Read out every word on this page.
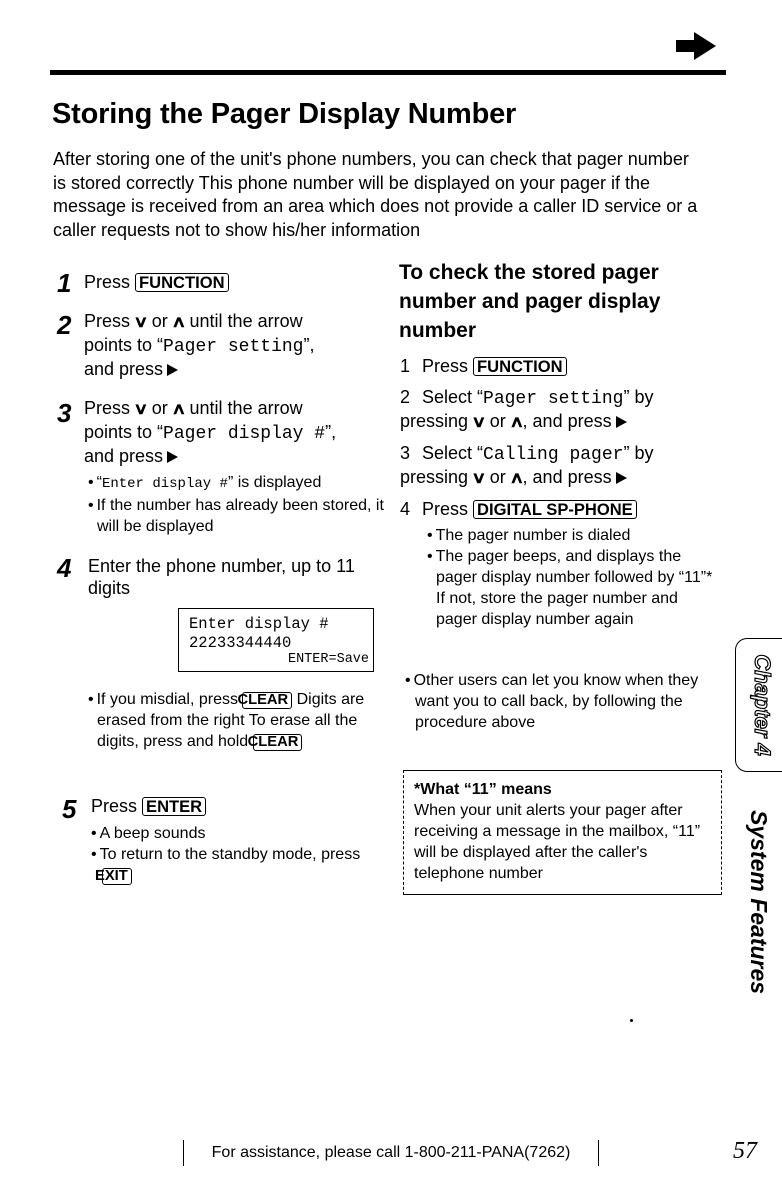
Storing the Pager Display Number
After storing one of the unit's phone numbers, you can check that pager number is stored correctly This phone number will be displayed on your pager if the message is received from an area which does not provide a caller ID service or a caller requests not to show his/her information
1 Press FUNCTION
2 Press ∨ or ∧ until the arrow
points to “Pager setting”,
and press
3 Press ∨ or ∧ until the arrow
points to “Pager display #”,
and press
• “Enter display #” is displayed
• If the number has already been stored, it will be displayed
4 Enter the phone number, up to 11 digits
Enter display #
22233344440
ENTER=Save
• If you misdial, press CLEAR Digits are erased from the right To erase all the digits, press and hold CLEAR
5 Press ENTER
• A beep sounds
• To return to the standby mode, press EXIT
To check the stored pager number and pager display number
1 Press FUNCTION
2 Select “Pager setting” by pressing ∨ or ∧, and press
3 Select “Calling pager” by pressing ∨ or ∧, and press
4 Press DIGITAL SP-PHONE
• The pager number is dialed
• The pager beeps, and displays the pager display number followed by “11”* If not, store the pager number and pager display number again
• Other users can let you know when they want you to call back, by following the procedure above
*What “11” means
When your unit alerts your pager after receiving a message in the mailbox, “11” will be displayed after the caller's telephone number
Chapter 4
System Features
For assistance, please call 1-800-211-PANA(7262)	57
